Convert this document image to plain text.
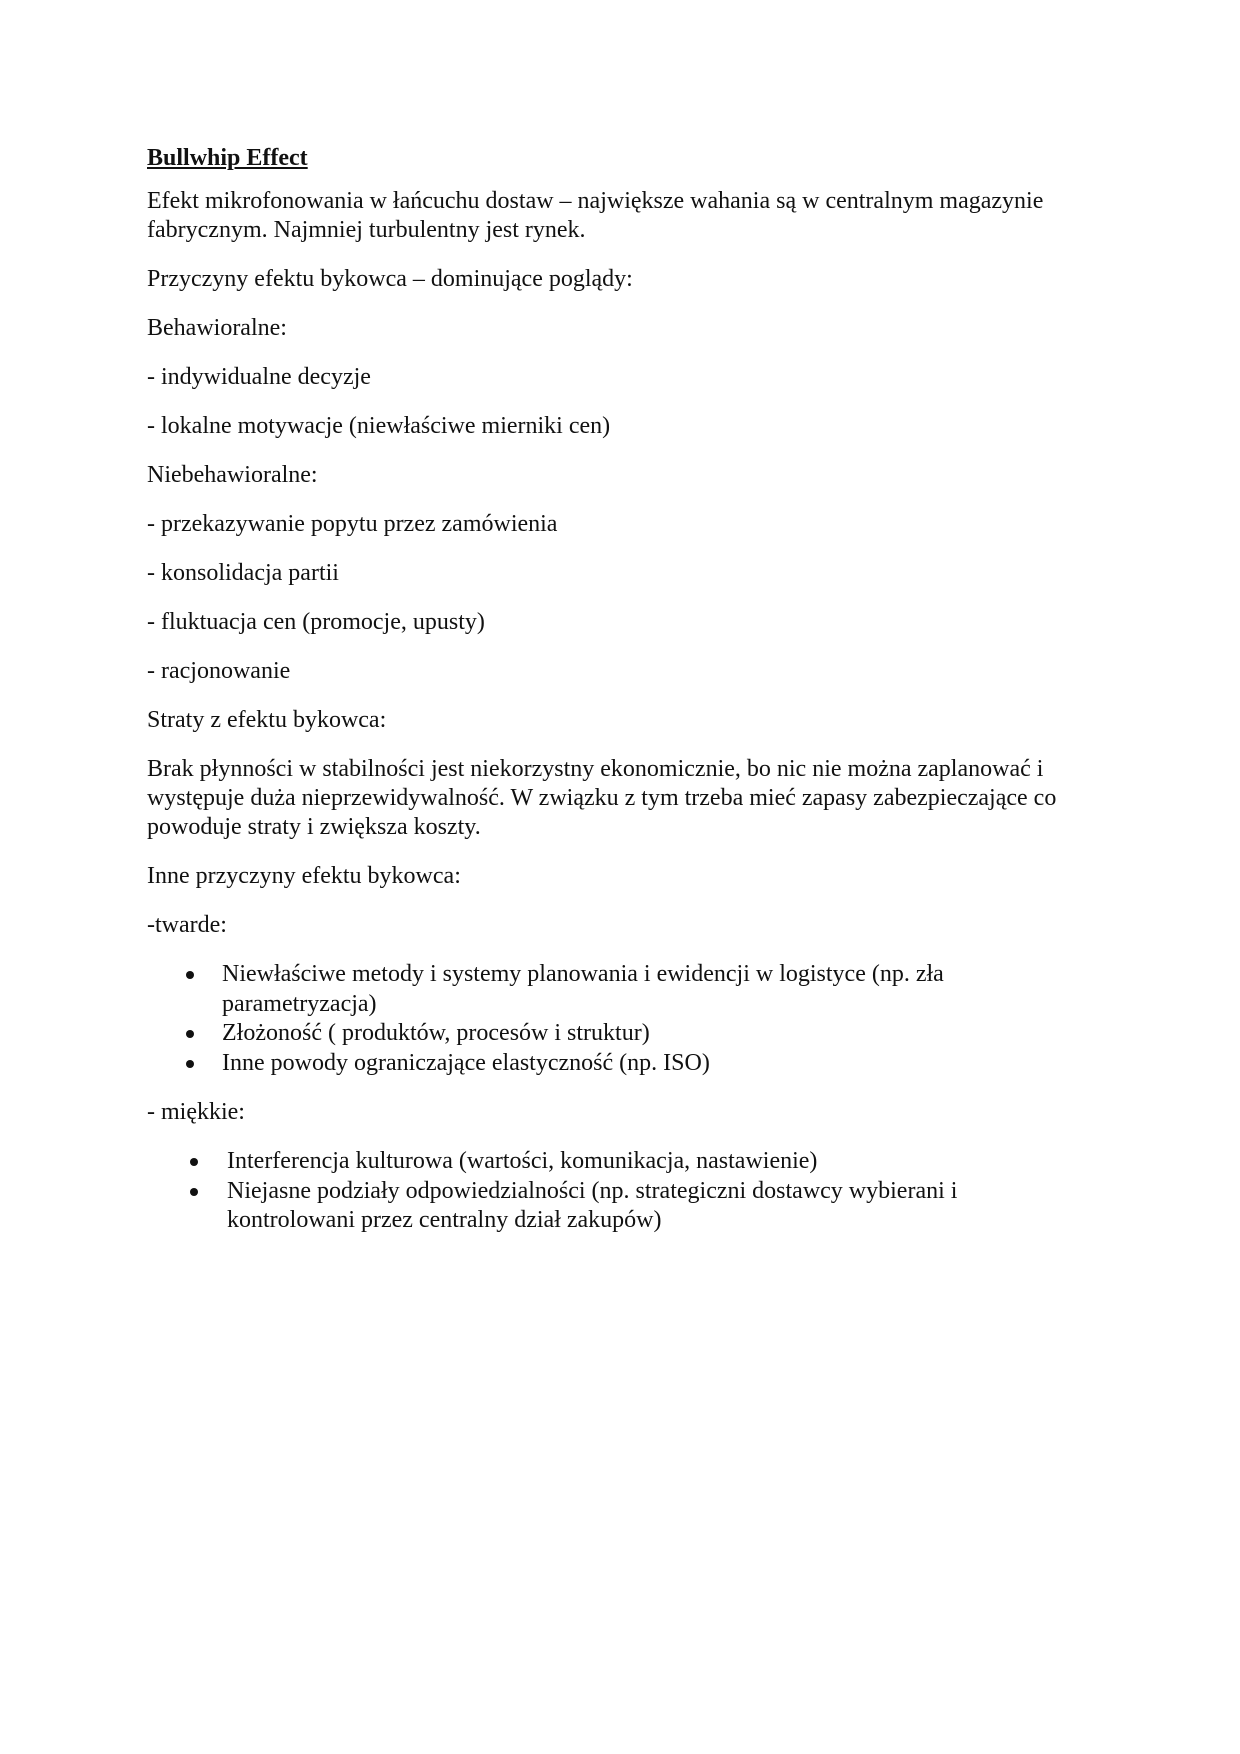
Bullwhip Effect

Efekt mikrofonowania w łańcuchu dostaw – największe wahania są w centralnym magazynie fabrycznym. Najmniej turbulentny jest rynek.

Przyczyny efektu bykowca – dominujące poglądy:

Behawioralne:

- indywidualne decyzje

- lokalne motywacje (niewłaściwe mierniki cen)

Niebehawioralne:

- przekazywanie popytu przez zamówienia

- konsolidacja partii

- fluktuacja cen (promocje, upusty)

- racjonowanie

Straty z efektu bykowca:

Brak płynności w stabilności jest niekorzystny ekonomicznie, bo nic nie można zaplanować i występuje duża nieprzewidywalność. W związku z tym trzeba mieć zapasy zabezpieczające co powoduje straty i zwiększa koszty.

Inne przyczyny efektu bykowca:

-twarde:

Niewłaściwe metody i systemy planowania i ewidencji w logistyce (np. zła parametryzacja)
Złożoność ( produktów, procesów i struktur)
Inne powody ograniczające elastyczność (np. ISO)

- miękkie:

Interferencja kulturowa (wartości, komunikacja, nastawienie)
Niejasne podziały odpowiedzialności (np. strategiczni dostawcy wybierani i kontrolowani przez centralny dział zakupów)
